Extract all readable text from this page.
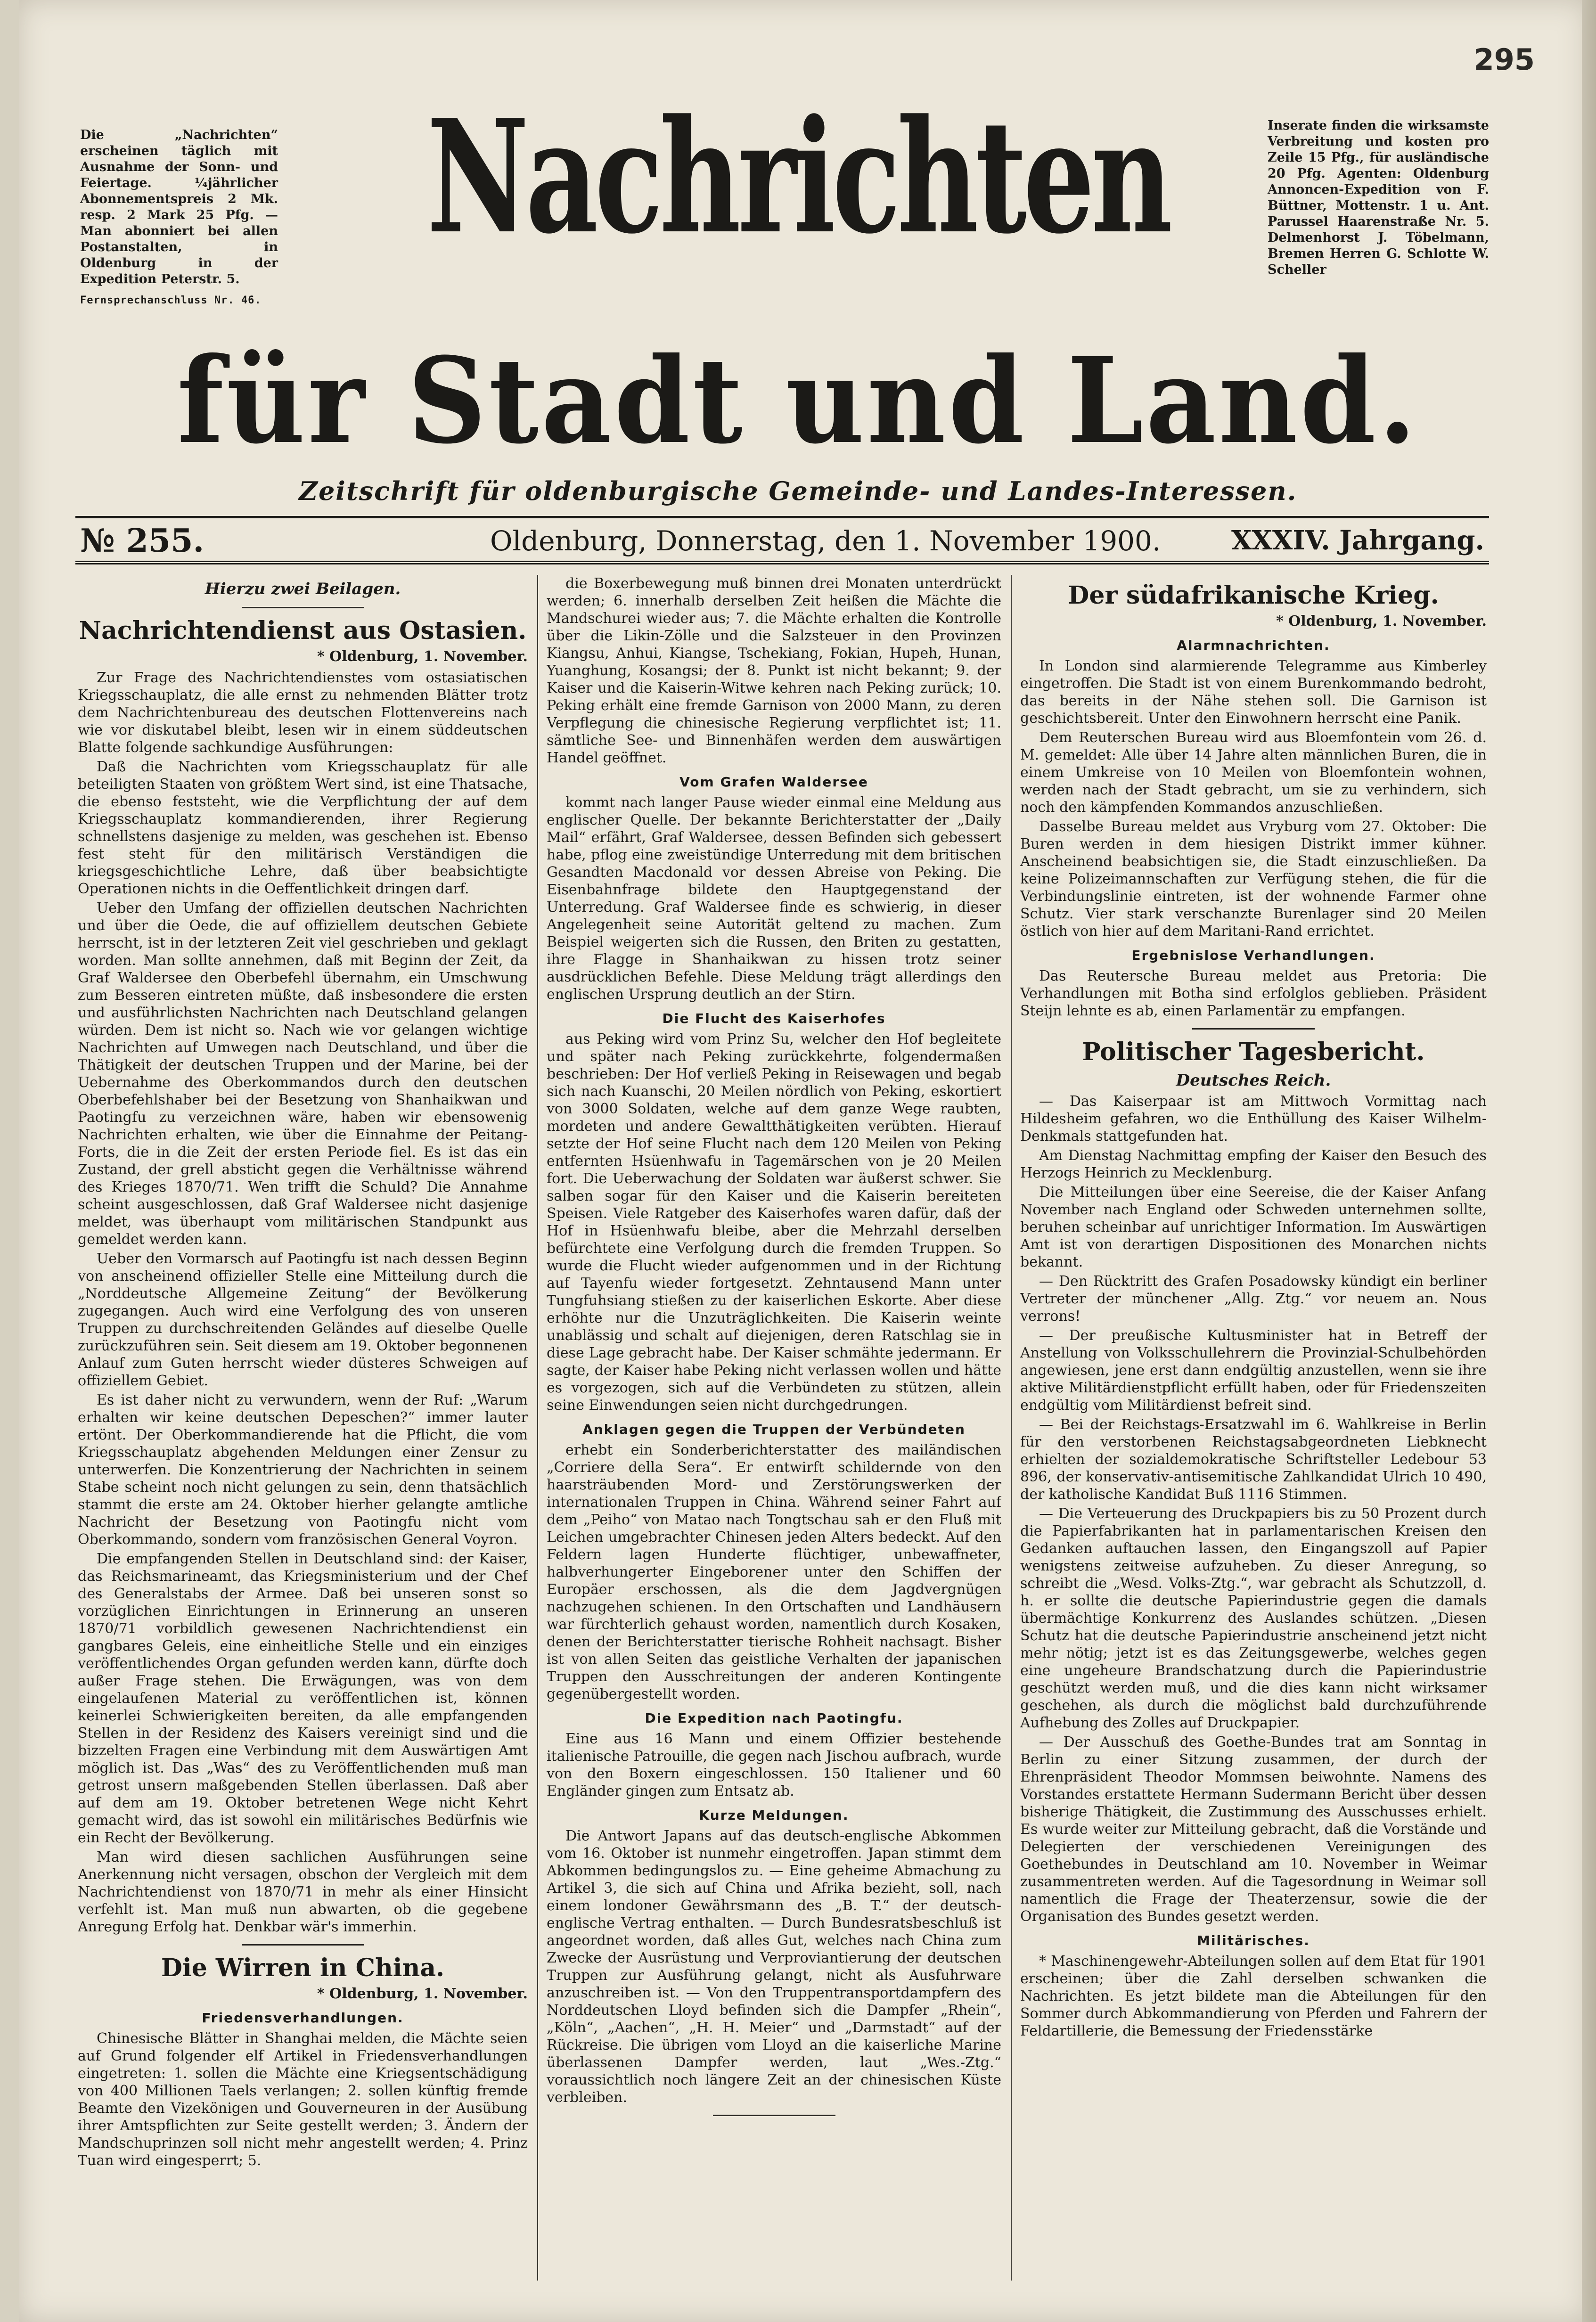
295
Die „Nachrichten“ erscheinen täglich mit Ausnahme der Sonn- und Feiertage. ¼jährlicher Abonnementspreis 2 Mk. resp. 2 Mark 25 Pfg. — Man abonniert bei allen Postanstalten, in Oldenburg in der Expedition Peterstr. 5.
Fernsprechanschluss Nr. 46.
Inserate finden die wirksamste Verbreitung und kosten pro Zeile 15 Pfg., für ausländische 20 Pfg. Agenten: Oldenburg Annoncen-Expedition von F. Büttner, Mottenstr. 1 u. Ant. Parussel Haarenstraße Nr. 5. Delmenhorst J. Töbelmann, Bremen Herren G. Schlotte W. Scheller
Nachrichten
für Stadt und Land.
Zeitschrift für oldenburgische Gemeinde- und Landes-Interessen.
№ 255.	Oldenburg, Donnerstag, den 1. November 1900.	XXXIV. Jahrgang.
Hierzu zwei Beilagen.
Nachrichtendienst aus Ostasien.
* Oldenburg, 1. November.

Zur Frage des Nachrichtendienstes vom ostasiatischen Kriegsschauplatz, die alle ernst zu nehmenden Blätter trotz dem Nachrichtenbureau des deutschen Flottenvereins nach wie vor diskutabel bleibt, lesen wir in einem süddeutschen Blatte folgende sachkundige Ausführungen:

Daß die Nachrichten vom Kriegsschauplatz für alle beteiligten Staaten von größtem Wert sind, ist eine Thatsache, die ebenso feststeht, wie die Verpflichtung der auf dem Kriegsschauplatz kommandierenden, ihrer Regierung schnellstens dasjenige zu melden, was geschehen ist. Ebenso fest steht für den militärisch Verständigen die kriegsgeschichtliche Lehre, daß über beabsichtigte Operationen nichts in die Oeffentlichkeit dringen darf.

Ueber den Umfang der offiziellen deutschen Nachrichten und über die Oede, die auf offiziellem deutschen Gebiete herrscht, ist in der letzteren Zeit viel geschrieben und geklagt worden. Man sollte annehmen, daß mit Beginn der Zeit, da Graf Waldersee den Oberbefehl übernahm, ein Umschwung zum Besseren eintreten müßte, daß insbesondere die ersten und ausführlichsten Nachrichten nach Deutschland gelangen würden. Dem ist nicht so. Nach wie vor gelangen wichtige Nachrichten auf Umwegen nach Deutschland, und über die Thätigkeit der deutschen Truppen und der Marine, bei der Uebernahme des Oberkommandos durch den deutschen Oberbefehlshaber bei der Besetzung von Shanhaikwan und Paotingfu zu verzeichnen wäre, haben wir ebensowenig Nachrichten erhalten, wie über die Einnahme der Peitang-Forts, die in die Zeit der ersten Periode fiel. Es ist das ein Zustand, der grell absticht gegen die Verhältnisse während des Krieges 1870/71. Wen trifft die Schuld? Die Annahme scheint ausgeschlossen, daß Graf Waldersee nicht dasjenige meldet, was überhaupt vom militärischen Standpunkt aus gemeldet werden kann.

Ueber den Vormarsch auf Paotingfu ist nach dessen Beginn von anscheinend offizieller Stelle eine Mitteilung durch die „Norddeutsche Allgemeine Zeitung“ der Bevölkerung zugegangen. Auch wird eine Verfolgung des von unseren Truppen zu durchschreitenden Geländes auf dieselbe Quelle zurückzuführen sein. Seit diesem am 19. Oktober begonnenen Anlauf zum Guten herrscht wieder düsteres Schweigen auf offiziellem Gebiet.

Es ist daher nicht zu verwundern, wenn der Ruf: „Warum erhalten wir keine deutschen Depeschen?“ immer lauter ertönt. Der Oberkommandierende hat die Pflicht, die vom Kriegsschauplatz abgehenden Meldungen einer Zensur zu unterwerfen. Die Konzentrierung der Nachrichten in seinem Stabe scheint noch nicht gelungen zu sein, denn thatsächlich stammt die erste am 24. Oktober hierher gelangte amtliche Nachricht der Besetzung von Paotingfu nicht vom Oberkommando, sondern vom französischen General Voyron.

Die empfangenden Stellen in Deutschland sind: der Kaiser, das Reichsmarineamt, das Kriegsministerium und der Chef des Generalstabs der Armee. Daß bei unseren sonst so vorzüglichen Einrichtungen in Erinnerung an unseren 1870/71 vorbildlich gewesenen Nachrichtendienst ein gangbares Geleis, eine einheitliche Stelle und ein einziges veröffentlichendes Organ gefunden werden kann, dürfte doch außer Frage stehen. Die Erwägungen, was von dem eingelaufenen Material zu veröffentlichen ist, können keinerlei Schwierigkeiten bereiten, da alle empfangenden Stellen in der Residenz des Kaisers vereinigt sind und die bizzelten Fragen eine Verbindung mit dem Auswärtigen Amt möglich ist. Das „Was“ des zu Veröffentlichenden muß man getrost unsern maßgebenden Stellen überlassen. Daß aber auf dem am 19. Oktober betretenen Wege nicht Kehrt gemacht wird, das ist sowohl ein militärisches Bedürfnis wie ein Recht der Bevölkerung.

Man wird diesen sachlichen Ausführungen seine Anerkennung nicht versagen, obschon der Vergleich mit dem Nachrichtendienst von 1870/71 in mehr als einer Hinsicht verfehlt ist. Man muß nun abwarten, ob die gegebene Anregung Erfolg hat. Denkbar wär's immerhin.

Die Wirren in China.
* Oldenburg, 1. November.
Friedensverhandlungen.

Chinesische Blätter in Shanghai melden, die Mächte seien auf Grund folgender elf Artikel in Friedensverhandlungen eingetreten: 1. sollen die Mächte eine Kriegsentschädigung von 400 Millionen Taels verlangen; 2. sollen künftig fremde Beamte den Vizekönigen und Gouverneuren in der Ausübung ihrer Amtspflichten zur Seite gestellt werden; 3. Ändern der Mandschuprinzen soll nicht mehr angestellt werden; 4. Prinz Tuan wird eingesperrt; 5.

die Boxerbewegung muß binnen drei Monaten unterdrückt werden; 6. innerhalb derselben Zeit heißen die Mächte die Mandschurei wieder aus; 7. die Mächte erhalten die Kontrolle über die Likin-Zölle und die Salzsteuer in den Provinzen Kiangsu, Anhui, Kiangse, Tschekiang, Fokian, Hupeh, Hunan, Yuanghung, Kosangsi; der 8. Punkt ist nicht bekannt; 9. der Kaiser und die Kaiserin-Witwe kehren nach Peking zurück; 10. Peking erhält eine fremde Garnison von 2000 Mann, zu deren Verpflegung die chinesische Regierung verpflichtet ist; 11. sämtliche See- und Binnenhäfen werden dem auswärtigen Handel geöffnet.

Vom Grafen Waldersee

kommt nach langer Pause wieder einmal eine Meldung aus englischer Quelle. Der bekannte Berichterstatter der „Daily Mail“ erfährt, Graf Waldersee, dessen Befinden sich gebessert habe, pflog eine zweistündige Unterredung mit dem britischen Gesandten Macdonald vor dessen Abreise von Peking. Die Eisenbahnfrage bildete den Hauptgegenstand der Unterredung. Graf Waldersee finde es schwierig, in dieser Angelegenheit seine Autorität geltend zu machen. Zum Beispiel weigerten sich die Russen, den Briten zu gestatten, ihre Flagge in Shanhaikwan zu hissen trotz seiner ausdrücklichen Befehle. Diese Meldung trägt allerdings den englischen Ursprung deutlich an der Stirn.

Die Flucht des Kaiserhofes

aus Peking wird vom Prinz Su, welcher den Hof begleitete und später nach Peking zurückkehrte, folgendermaßen beschrieben: Der Hof verließ Peking in Reisewagen und begab sich nach Kuanschi, 20 Meilen nördlich von Peking, eskortiert von 3000 Soldaten, welche auf dem ganze Wege raubten, mordeten und andere Gewaltthätigkeiten verübten. Hierauf setzte der Hof seine Flucht nach dem 120 Meilen von Peking entfernten Hsüenhwafu in Tagemärschen von je 20 Meilen fort. Die Ueberwachung der Soldaten war äußerst schwer. Sie salben sogar für den Kaiser und die Kaiserin bereiteten Speisen. Viele Ratgeber des Kaiserhofes waren dafür, daß der Hof in Hsüenhwafu bleibe, aber die Mehrzahl derselben befürchtete eine Verfolgung durch die fremden Truppen. So wurde die Flucht wieder aufgenommen und in der Richtung auf Tayenfu wieder fortgesetzt. Zehntausend Mann unter Tungfuhsiang stießen zu der kaiserlichen Eskorte. Aber diese erhöhte nur die Unzuträglichkeiten. Die Kaiserin weinte unablässig und schalt auf diejenigen, deren Ratschlag sie in diese Lage gebracht habe. Der Kaiser schmähte jedermann. Er sagte, der Kaiser habe Peking nicht verlassen wollen und hätte es vorgezogen, sich auf die Verbündeten zu stützen, allein seine Einwendungen seien nicht durchgedrungen.

Anklagen gegen die Truppen der Verbündeten

erhebt ein Sonderberichterstatter des mailändischen „Corriere della Sera“. Er entwirft schildernde von den haarsträubenden Mord- und Zerstörungswerken der internationalen Truppen in China. Während seiner Fahrt auf dem „Peiho“ von Matao nach Tongtschau sah er den Fluß mit Leichen umgebrachter Chinesen jeden Alters bedeckt. Auf den Feldern lagen Hunderte flüchtiger, unbewaffneter, halbverhungerter Eingeborener unter den Schiffen der Europäer erschossen, als die dem Jagdvergnügen nachzugehen schienen. In den Ortschaften und Landhäusern war fürchterlich gehaust worden, namentlich durch Kosaken, denen der Berichterstatter tierische Rohheit nachsagt. Bisher ist von allen Seiten das geistliche Verhalten der japanischen Truppen den Ausschreitungen der anderen Kontingente gegenübergestellt worden.

Die Expedition nach Paotingfu.

Eine aus 16 Mann und einem Offizier bestehende italienische Patrouille, die gegen nach Jischou aufbrach, wurde von den Boxern eingeschlossen. 150 Italiener und 60 Engländer gingen zum Entsatz ab.

Kurze Meldungen.

Die Antwort Japans auf das deutsch-englische Abkommen vom 16. Oktober ist nunmehr eingetroffen. Japan stimmt dem Abkommen bedingungslos zu. — Eine geheime Abmachung zu Artikel 3, die sich auf China und Afrika bezieht, soll, nach einem londoner Gewährsmann des „B. T.“ der deutsch-englische Vertrag enthalten. — Durch Bundesratsbeschluß ist angeordnet worden, daß alles Gut, welches nach China zum Zwecke der Ausrüstung und Verproviantierung der deutschen Truppen zur Ausführung gelangt, nicht als Ausfuhrware anzuschreiben ist. — Von den Truppentransportdampfern des Norddeutschen Lloyd befinden sich die Dampfer „Rhein“, „Köln“, „Aachen“, „H. H. Meier“ und „Darmstadt“ auf der Rückreise. Die übrigen vom Lloyd an die kaiserliche Marine überlassenen Dampfer werden, laut „Wes.-Ztg.“ voraussichtlich noch längere Zeit an der chinesischen Küste verbleiben.

Der südafrikanische Krieg.
* Oldenburg, 1. November.
Alarmnachrichten.

In London sind alarmierende Telegramme aus Kimberley eingetroffen. Die Stadt ist von einem Burenkommando bedroht, das bereits in der Nähe stehen soll. Die Garnison ist geschichtsbereit. Unter den Einwohnern herrscht eine Panik.

Dem Reuterschen Bureau wird aus Bloemfontein vom 26. d. M. gemeldet: Alle über 14 Jahre alten männlichen Buren, die in einem Umkreise von 10 Meilen von Bloemfontein wohnen, werden nach der Stadt gebracht, um sie zu verhindern, sich noch den kämpfenden Kommandos anzuschließen.

Dasselbe Bureau meldet aus Vryburg vom 27. Oktober: Die Buren werden in dem hiesigen Distrikt immer kühner. Anscheinend beabsichtigen sie, die Stadt einzuschließen. Da keine Polizeimannschaften zur Verfügung stehen, die für die Verbindungslinie eintreten, ist der wohnende Farmer ohne Schutz. Vier stark verschanzte Burenlager sind 20 Meilen östlich von hier auf dem Maritani-Rand errichtet.

Ergebnislose Verhandlungen.

Das Reutersche Bureau meldet aus Pretoria: Die Verhandlungen mit Botha sind erfolglos geblieben. Präsident Steijn lehnte es ab, einen Parlamentär zu empfangen.

Politischer Tagesbericht.
Deutsches Reich.

— Das Kaiserpaar ist am Mittwoch Vormittag nach Hildesheim gefahren, wo die Enthüllung des Kaiser Wilhelm-Denkmals stattgefunden hat.

Am Dienstag Nachmittag empfing der Kaiser den Besuch des Herzogs Heinrich zu Mecklenburg.

Die Mitteilungen über eine Seereise, die der Kaiser Anfang November nach England oder Schweden unternehmen sollte, beruhen scheinbar auf unrichtiger Information. Im Auswärtigen Amt ist von derartigen Dispositionen des Monarchen nichts bekannt.

— Den Rücktritt des Grafen Posadowsky kündigt ein berliner Vertreter der münchener „Allg. Ztg.“ vor neuem an. Nous verrons!

— Der preußische Kultusminister hat in Betreff der Anstellung von Volksschullehrern die Provinzial-Schulbehörden angewiesen, jene erst dann endgültig anzustellen, wenn sie ihre aktive Militärdienstpflicht erfüllt haben, oder für Friedenszeiten endgültig vom Militärdienst befreit sind.

— Bei der Reichstags-Ersatzwahl im 6. Wahlkreise in Berlin für den verstorbenen Reichstagsabgeordneten Liebknecht erhielten der sozialdemokratische Schriftsteller Ledebour 53 896, der konservativ-antisemitische Zahlkandidat Ulrich 10 490, der katholische Kandidat Buß 1116 Stimmen.

— Die Verteuerung des Druckpapiers bis zu 50 Prozent durch die Papierfabrikanten hat in parlamentarischen Kreisen den Gedanken auftauchen lassen, den Eingangszoll auf Papier wenigstens zeitweise aufzuheben. Zu dieser Anregung, so schreibt die „Wesd. Volks-Ztg.“, war gebracht als Schutzzoll, d. h. er sollte die deutsche Papierindustrie gegen die damals übermächtige Konkurrenz des Auslandes schützen. „Diesen Schutz hat die deutsche Papierindustrie anscheinend jetzt nicht mehr nötig; jetzt ist es das Zeitungsgewerbe, welches gegen eine ungeheure Brandschatzung durch die Papierindustrie geschützt werden muß, und die dies kann nicht wirksamer geschehen, als durch die möglichst bald durchzuführende Aufhebung des Zolles auf Druckpapier.

— Der Ausschuß des Goethe-Bundes trat am Sonntag in Berlin zu einer Sitzung zusammen, der durch der Ehrenpräsident Theodor Mommsen beiwohnte. Namens des Vorstandes erstattete Hermann Sudermann Bericht über dessen bisherige Thätigkeit, die Zustimmung des Ausschusses erhielt. Es wurde weiter zur Mitteilung gebracht, daß die Vorstände und Delegierten der verschiedenen Vereinigungen des Goethebundes in Deutschland am 10. November in Weimar zusammentreten werden. Auf die Tagesordnung in Weimar soll namentlich die Frage der Theaterzensur, sowie die der Organisation des Bundes gesetzt werden.

Militärisches.

* Maschinengewehr-Abteilungen sollen auf dem Etat für 1901 erscheinen; über die Zahl derselben schwanken die Nachrichten. Es jetzt bildete man die Abteilungen für den Sommer durch Abkommandierung von Pferden und Fahrern der Feldartillerie, die Bemessung der Friedensstärke
